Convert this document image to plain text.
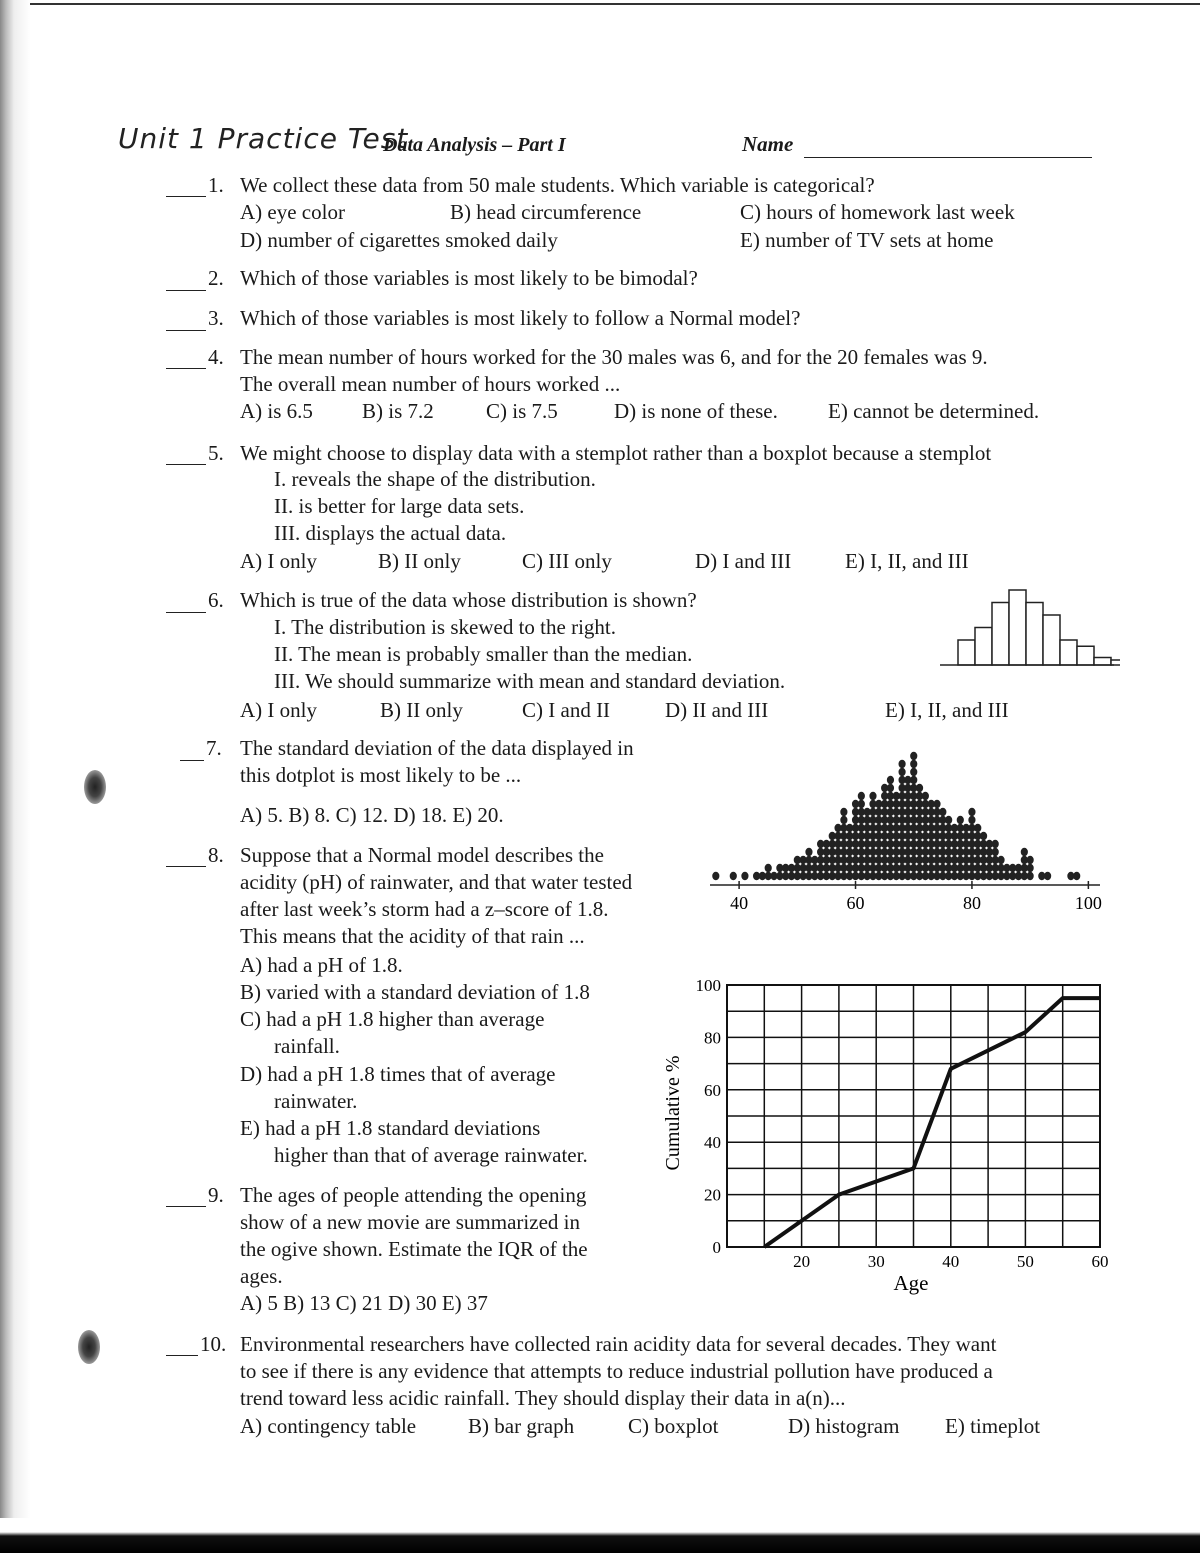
Unit 1 Practice Test
Data Analysis – Part I	Name
1. We collect these data from 50 male students. Which variable is categorical?
A) eye color	B) head circumference	C) hours of homework last week
D) number of cigarettes smoked daily	E) number of TV sets at home
2. Which of those variables is most likely to be bimodal?
3. Which of those variables is most likely to follow a Normal model?
4. The mean number of hours worked for the 30 males was 6, and for the 20 females was 9.
The overall mean number of hours worked ...
A) is 6.5 B) is 7.2 C) is 7.5	D) is none of these. E) cannot be determined.
5. We might choose to display data with a stemplot rather than a boxplot because a stemplot
I. reveals the shape of the distribution.
II. is better for large data sets.
III. displays the actual data.
A) I only	B) II only	C) III only	D) I and III	E) I, II, and III
6. Which is true of the data whose distribution is shown?
I. The distribution is skewed to the right.
II. The mean is probably smaller than the median.
III. We should summarize with mean and standard deviation.
A) I only	B) II only	C) I and II	D) II and III	E) I, II, and III
7. The standard deviation of the data displayed in
this dotplot is most likely to be ...
A) 5. B) 8. C) 12. D) 18. E) 20.
40	60	80	100
8. Suppose that a Normal model describes the
acidity (pH) of rainwater, and that water tested
after last week’s storm had a z–score of 1.8.
This means that the acidity of that rain ...
A) had a pH of 1.8.
B) varied with a standard deviation of 1.8
C) had a pH 1.8 higher than average
rainfall.
D) had a pH 1.8 times that of average
rainwater.
E) had a pH 1.8 standard deviations
higher than that of average rainwater.
0
20
40
60
80
100
20	30	40	50	60
Age
Cumulative %
9. The ages of people attending the opening
show of a new movie are summarized in
the ogive shown. Estimate the IQR of the
ages.
A) 5 B) 13 C) 21 D) 30 E) 37
10. Environmental researchers have collected rain acidity data for several decades. They want
to see if there is any evidence that attempts to reduce industrial pollution have produced a
trend toward less acidic rainfall. They should display their data in a(n)...
A) contingency table B) bar graph	C) boxplot	D) histogram E) timeplot
